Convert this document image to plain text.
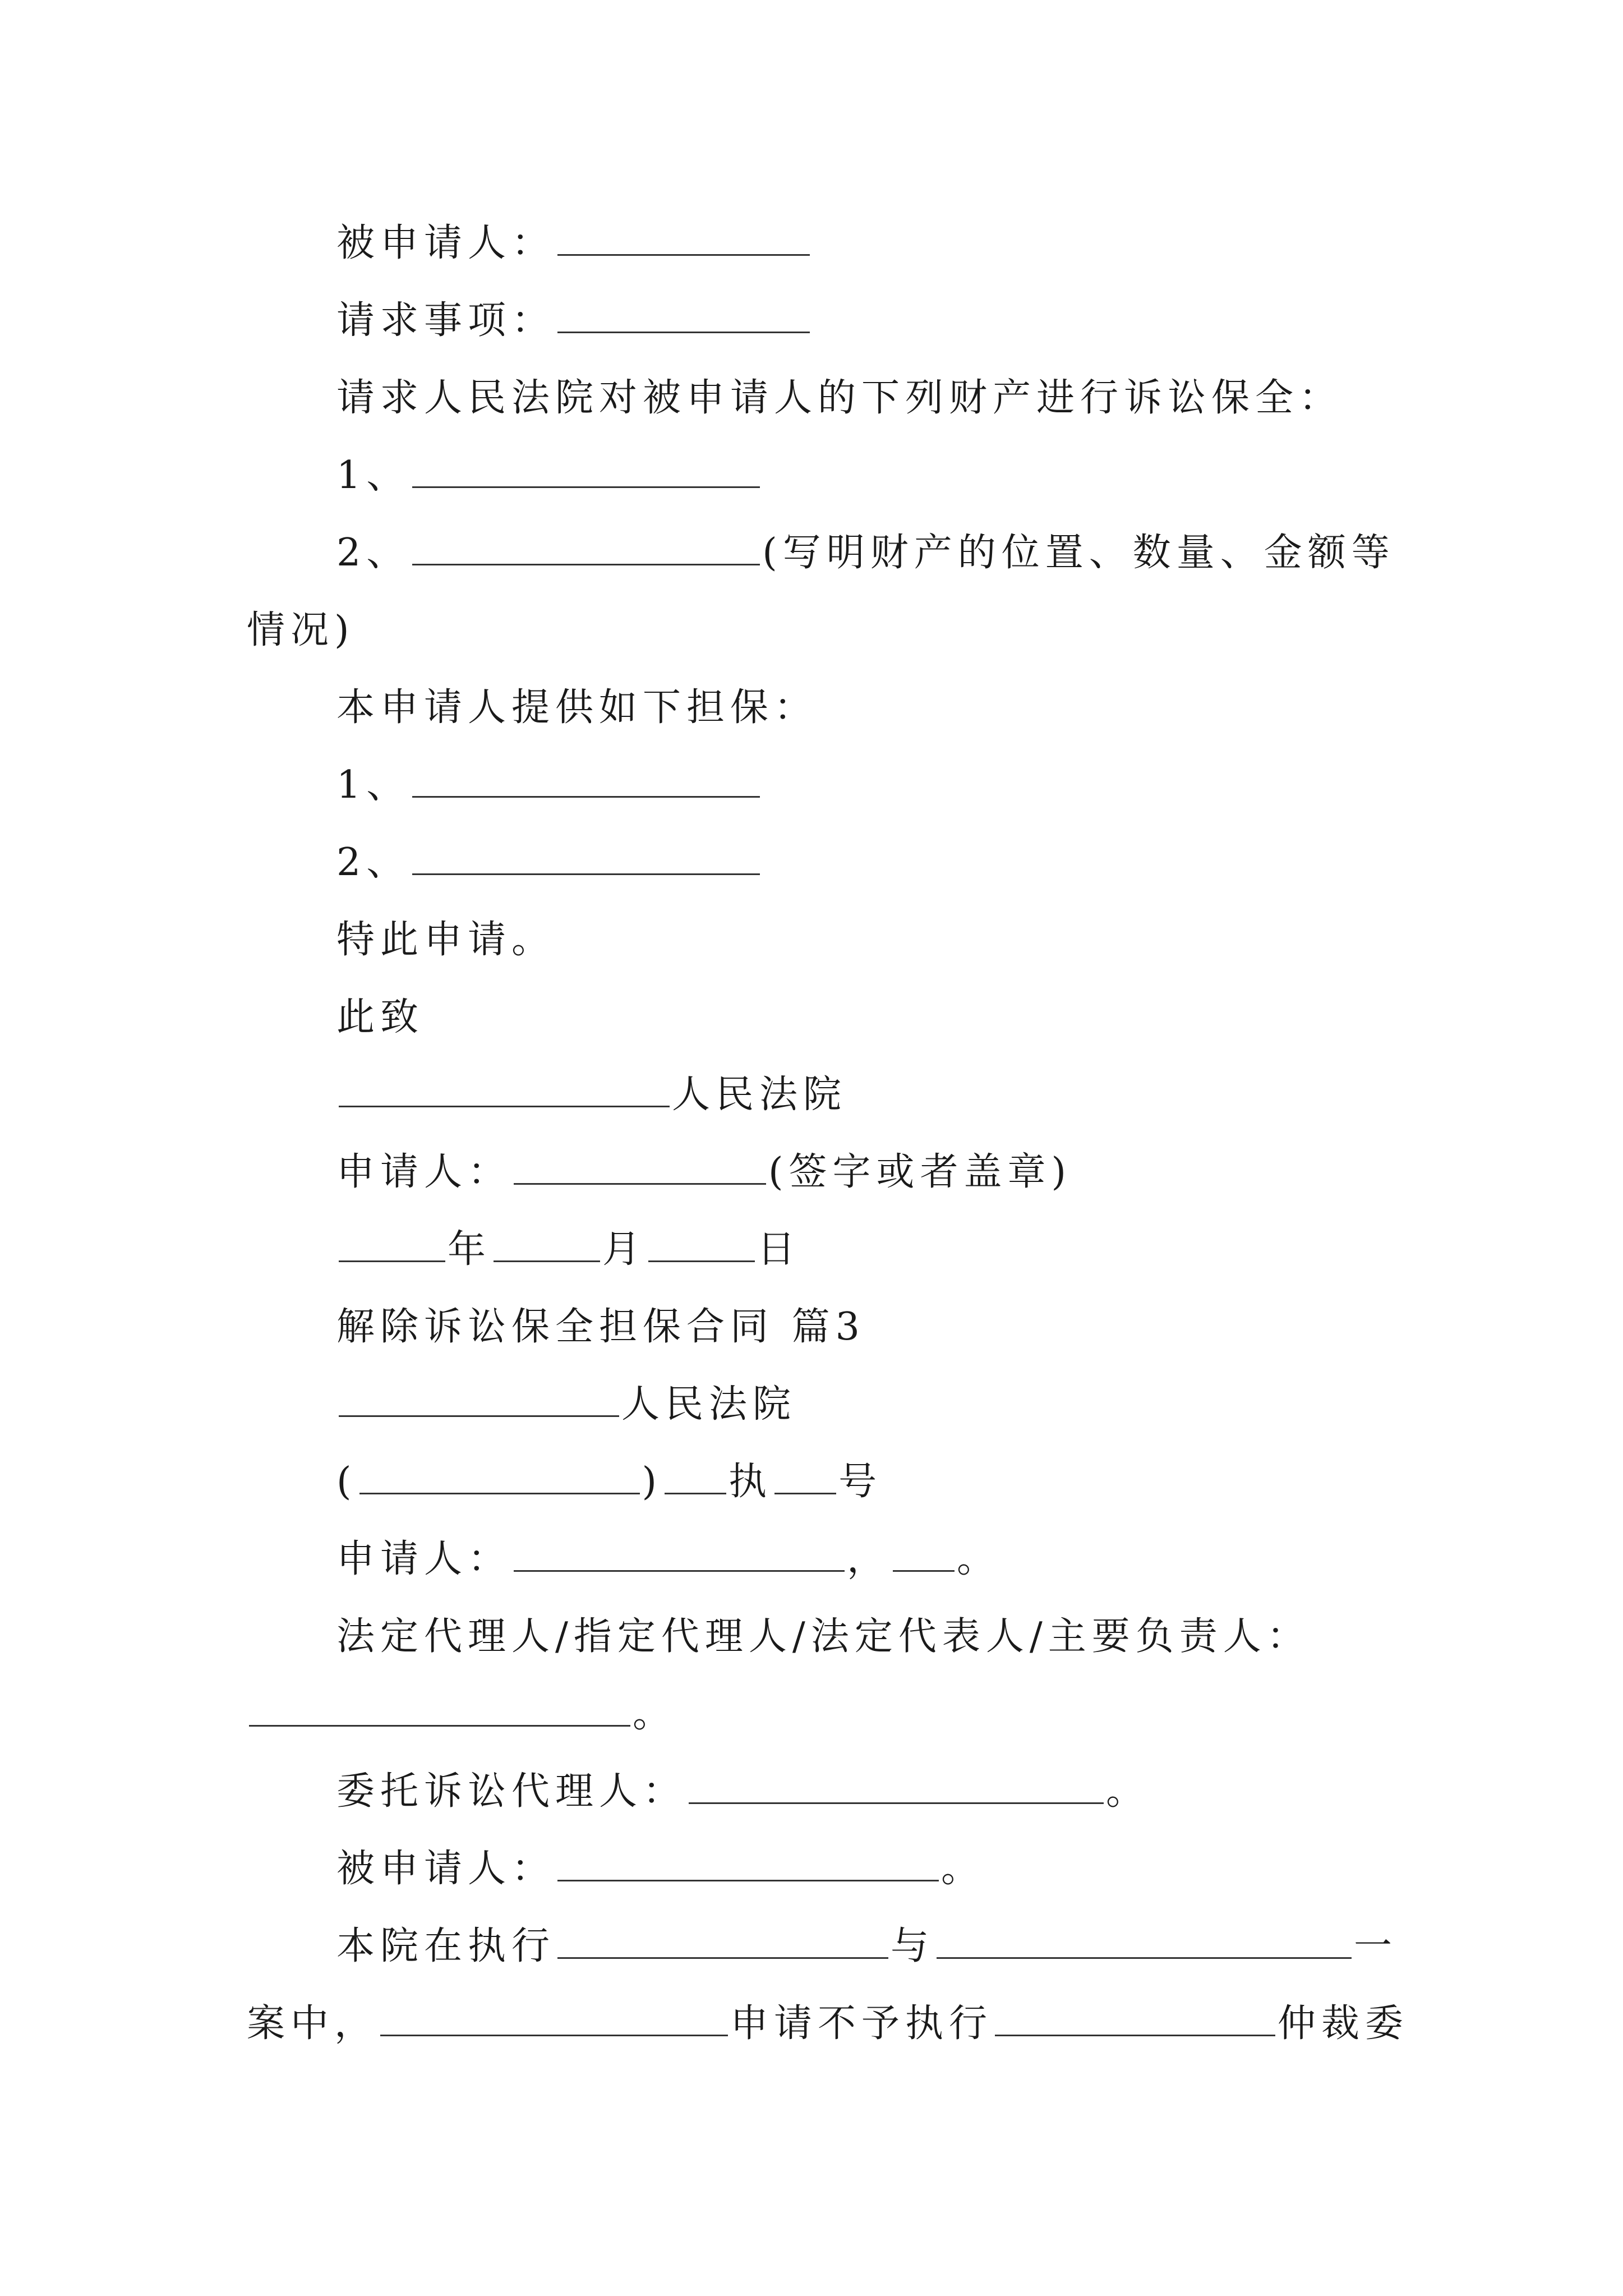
被申请人：
请求事项：
请求人民法院对被申请人的下列财产进行诉讼保全：
1、
2、	(写明财产的位置、数量、金额等
情况)
本申请人提供如下担保：
1、
2、
特此申请。
此致
人民法院
申请人：	(签字或者盖章)
年	月	日
解除诉讼保全担保合同 篇3
人民法院
(	) 执 号
申请人：	， 。
法定代理人/指定代理人/法定代表人/主要负责人：
。
委托诉讼代理人：	。
被申请人：	。
本院在执行	与	一
案中，	申请不予执行	仲裁委
